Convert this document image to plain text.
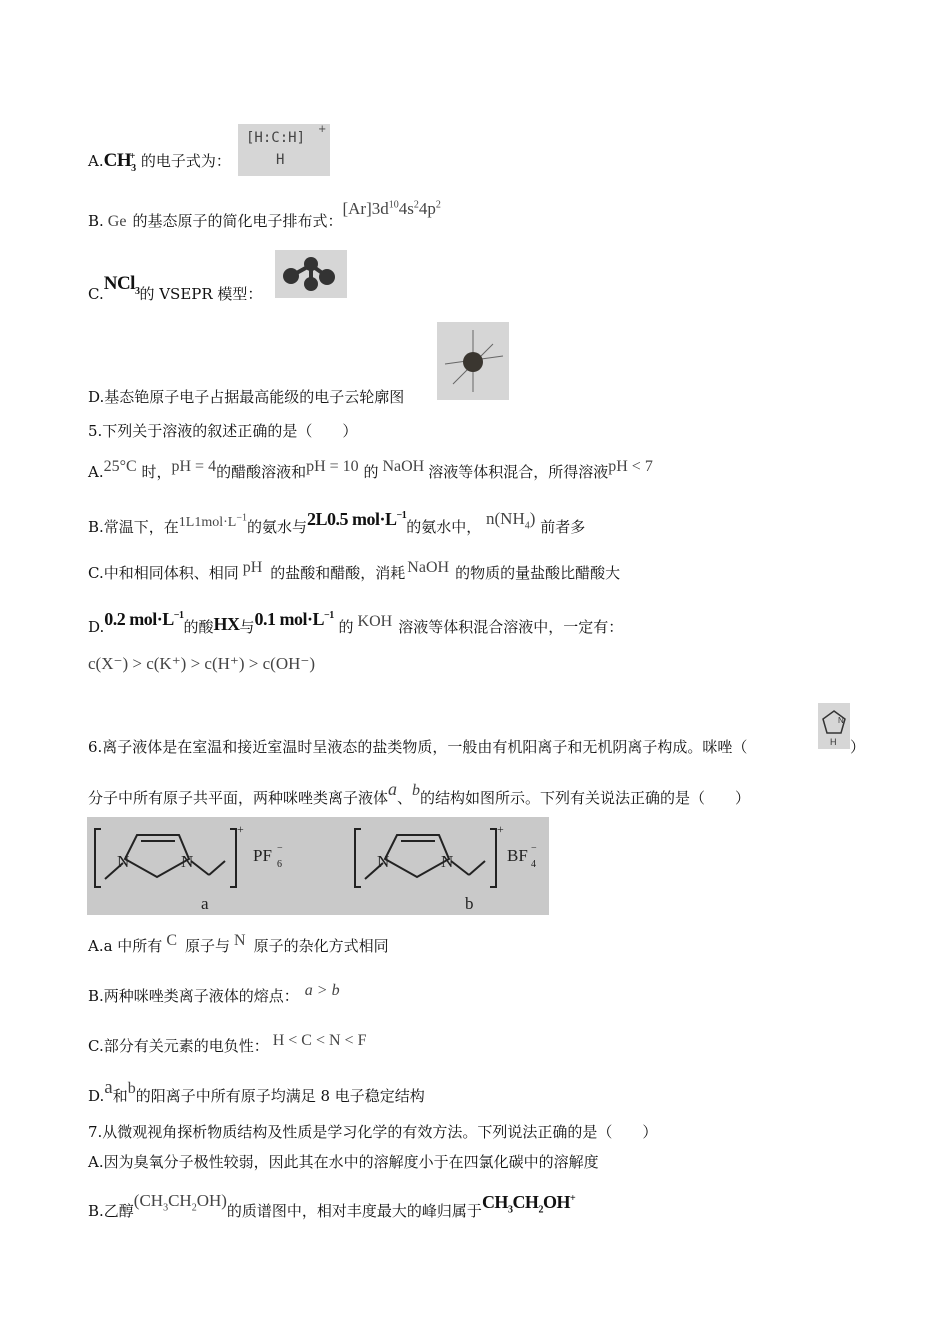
$A.CH_3^+$ 的电子式为：
[H:C:H]
+
H
B. Ge 的基态原子的简化电子排布式：$[Ar]3d^{10}4s^24p^2$
C.NCl$_3$的 VSEPR 模型：
D.基态铯原子电子占据最高能级的电子云轮廓图
5.下列关于溶液的叙述正确的是（　　）
A.25°C 时，pH = 4的醋酸溶液和pH = 10 的 NaOH 溶液等体积混合，所得溶液pH < 7
B.常温下，在$1L1mol\cdot L^{-1}$的氨水与2L0.5 $mol\cdot L^{-1}$的氨水中， $n(NH_4)$ 前者多
C.中和相同体积、相同 pH 的盐酸和醋酸，消耗 NaOH 的物质的量盐酸比醋酸大
D.0.2 $mol\cdot L^{-1}$的酸HX与0.1 $mol\cdot L^{-1}$ 的 KOH 溶液等体积混合溶液中，一定有：
c(X⁻) > c(K⁺) > c(H⁺) > c(OH⁻)
6.离子液体是在室温和接近室温时呈液态的盐类物质，一般由有机阳离子和无机阴离子构成。咪唑（
N
H ）
分子中所有原子共平面，两种咪唑类离子液体a、b的结构如图所示。下列有关说法正确的是（　　）
N	N	N	N
+	+
PF 6
−	BF 4
−
a	b
A.a 中所有 C 原子与 N 原子的杂化方式相同
B.两种咪唑类离子液体的熔点： a > b
C.部分有关元素的电负性： H < C < N < F
D.a和b的阳离子中所有原子均满足 8 电子稳定结构
7.从微观视角探析物质结构及性质是学习化学的有效方法。下列说法正确的是（　　）
A.因为臭氧分子极性较弱，因此其在水中的溶解度小于在四氯化碳中的溶解度
B.乙醇$(CH_3CH_2OH)$的质谱图中，相对丰度最大的峰归属于$CH_3CH_2OH^+$
